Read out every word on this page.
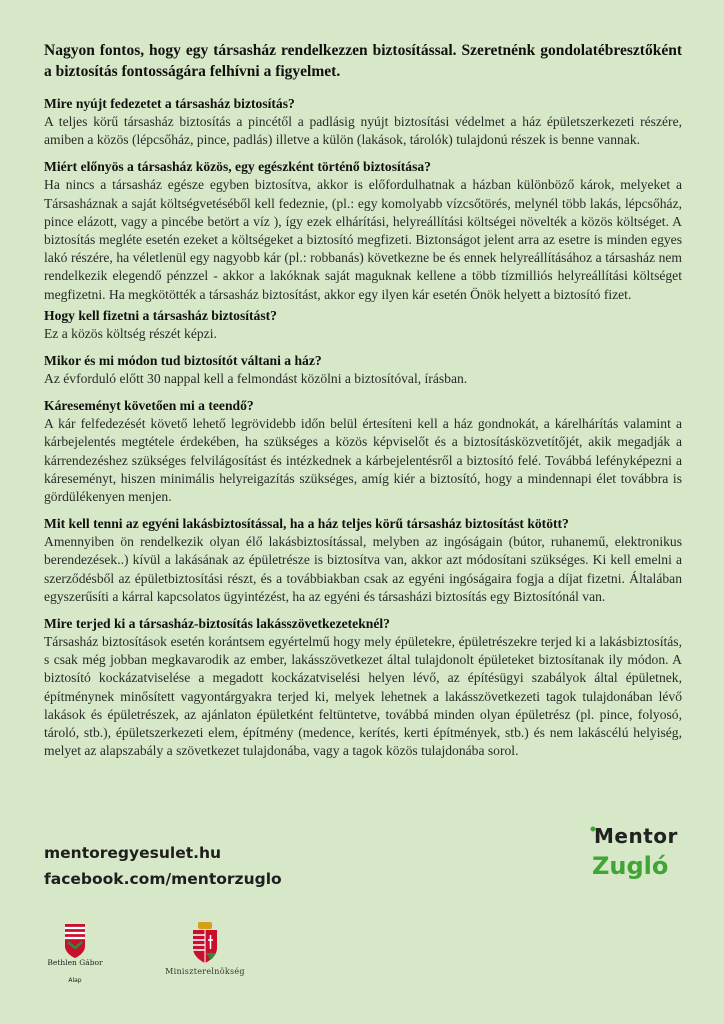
Nagyon fontos, hogy egy társasház rendelkezzen biztosítással. Szeretnénk gondolatébresztőként a biztosítás fontosságára felhívni a figyelmet.

Mire nyújt fedezetet a társasház biztosítás?

A teljes körű társasház biztosítás a pincétől a padlásig nyújt biztosítási védelmet a ház épületszerkezeti részére, amiben a közös (lépcsőház, pince, padlás) illetve a külön (lakások, tárolók) tulajdonú részek is benne vannak.

Miért előnyös a társasház közös, egy egészként történő biztosítása?

Ha nincs a társasház egésze egyben biztosítva, akkor is előfordulhatnak a házban különböző károk, melyeket a Társasháznak a saját költségvetéséből kell fedeznie, (pl.: egy komolyabb vízcsőtörés, melynél több lakás, lépcsőház, pince elázott, vagy a pincébe betört a víz ), így ezek elhárítási, helyreállítási költségei növelték a közös költséget. A biztosítás megléte esetén ezeket a költségeket a biztosító megfizeti. Biztonságot jelent arra az esetre is minden egyes lakó részére, ha véletlenül egy nagyobb kár (pl.: robbanás) következne be és ennek helyreállításához a társasház nem rendelkezik elegendő pénzzel - akkor a lakóknak saját maguknak kellene a több tízmilliós helyreállítási költséget megfizetni. Ha megkötötték a társasház biztosítást, akkor egy ilyen kár esetén Önök helyett a biztosító fizet.

Hogy kell fizetni a társasház biztosítást?

Ez a közös költség részét képzi.

Mikor és mi módon tud biztosítót váltani a ház?

Az évforduló előtt 30 nappal kell a felmondást közölni a biztosítóval, írásban.

Káreseményt követően mi a teendő?

A kár felfedezését követő lehető legrövidebb időn belül értesíteni kell a ház gondnokát, a kárelhárítás valamint a kárbejelentés megtétele érdekében, ha szükséges a közös képviselőt és a biztosításközvetítőjét, akik megadják a kárrendezéshez szükséges felvilágosítást és intézkednek a kárbejelentésről a biztosító felé. Továbbá lefényképezni a káreseményt, hiszen minimális helyreigazítás szükséges, amíg kiér a biztosító, hogy a mindennapi élet továbbra is gördülékenyen menjen.

Mit kell tenni az egyéni lakásbiztosítással, ha a ház teljes körű társasház biztosítást kötött?

Amennyiben ön rendelkezik olyan élő lakásbiztosítással, melyben az ingóságain (bútor, ruhanemű, elektronikus berendezések..) kívül a lakásának az épületrésze is biztosítva van, akkor azt módosítani szükséges. Ki kell emelni a szerződésből az épületbiztosítási részt, és a továbbiakban csak az egyéni ingóságaira fogja a díjat fizetni. Általában egyszerűsíti a kárral kapcsolatos ügyintézést, ha az egyéni és társasházi biztosítás egy Biztosítónál van.

Mire terjed ki a társasház-biztosítás lakásszövetkezeteknél?

Társasház biztosítások esetén korántsem egyértelmű hogy mely épületekre, épületrészekre terjed ki a lakásbiztosítás, s csak még jobban megkavarodik az ember, lakásszövetkezet által tulajdonolt épületeket biztosítanak ily módon. A biztosító kockázatviselése a megadott kockázatviselési helyen lévő, az építésügyi szabályok által épületnek, építménynek minősített vagyontárgyakra terjed ki, melyek lehetnek a lakásszövetkezeti tagok tulajdonában lévő lakások és épületrészek, az ajánlaton épületként feltüntetve, továbbá minden olyan épületrész (pl. pince, folyosó, tároló, stb.), épületszerkezeti elem, építmény (medence, kerítés, kerti építmények, stb.) és nem lakáscélú helyiség, melyet az alapszabály a szövetkezet tulajdonába, vagy a tagok közös tulajdonába sorol.

mentoregyesulet.hu
facebook.com/mentorzuglo
Mentor
Zugló
Bethlen Gábor
Alap
Miniszterelnökség
